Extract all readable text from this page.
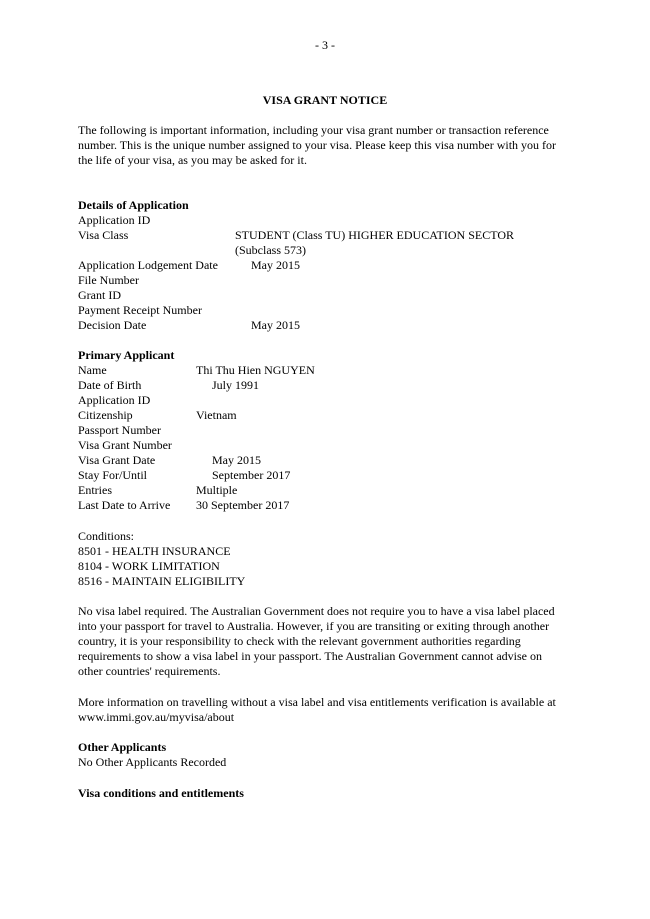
- 3 -
VISA GRANT NOTICE

The following is important information, including your visa grant number or transaction reference number. This is the unique number assigned to your visa. Please keep this visa number with you for the life of your visa, as you may be asked for it.

Details of Application
Application ID
Visa Class	STUDENT (Class TU) HIGHER EDUCATION SECTOR (Subclass 573)
Application Lodgement Date	May 2015
File Number
Grant ID
Payment Receipt Number
Decision Date	May 2015
Primary Applicant
Name	Thi Thu Hien NGUYEN
Date of Birth	July 1991
Application ID
Citizenship	Vietnam
Passport Number
Visa Grant Number
Visa Grant Date	May 2015
Stay For/Until	September 2017
Entries	Multiple
Last Date to Arrive 30 September 2017
Conditions:
8501 - HEALTH INSURANCE
8104 - WORK LIMITATION
8516 - MAINTAIN ELIGIBILITY

No visa label required. The Australian Government does not require you to have a visa label placed into your passport for travel to Australia. However, if you are transiting or exiting through another country, it is your responsibility to check with the relevant government authorities regarding requirements to show a visa label in your passport. The Australian Government cannot advise on other countries' requirements.

More information on travelling without a visa label and visa entitlements verification is available at www.immi.gov.au/myvisa/about

Other Applicants
No Other Applicants Recorded
Visa conditions and entitlements
